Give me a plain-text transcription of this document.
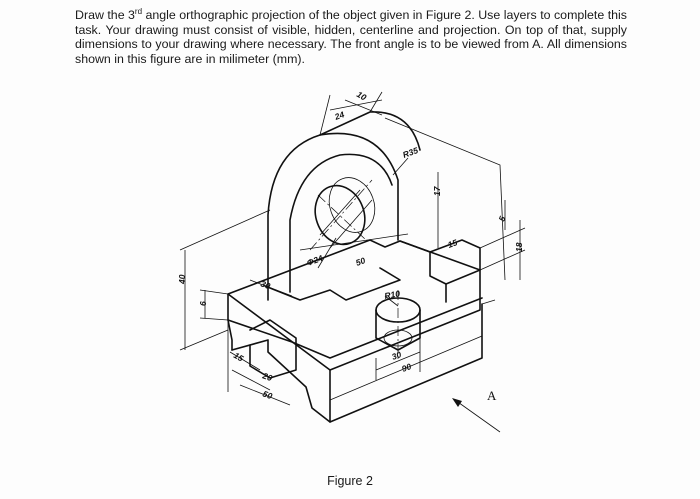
Draw the 3rd angle orthographic projection of the object given in Figure 2. Use layers to complete this task. Your drawing must consist of visible, hidden, centerline and projection. On top of that, supply dimensions to your drawing where necessary. The front angle is to be viewed from A. All dimensions shown in this figure are in milimeter (mm).
10
24
R35
17
5
15	18
Φ24	50
R10
30
90
40
6
30
15
20
50	A
Figure 2
